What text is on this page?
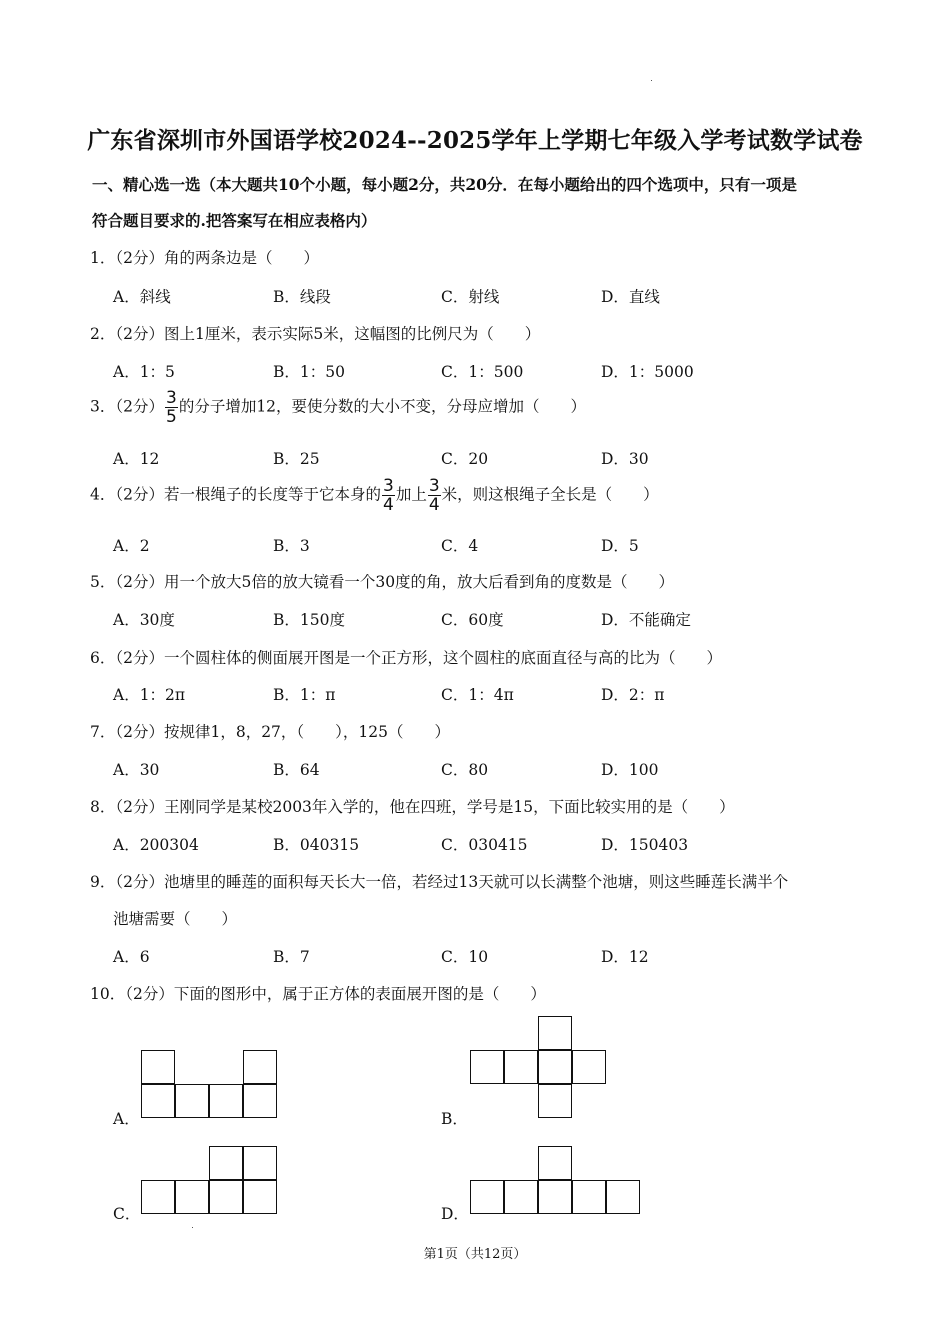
广东省深圳市外国语学校2024--2025学年上学期七年级入学考试数学试卷
一、精心选一选（本大题共10个小题，每小题2分，共20分．在每小题给出的四个选项中，只有一项是
符合题目要求的.把答案写在相应表格内）
1．（2分）角的两条边是（　　）
A．斜线	B．线段	C．射线	D．直线
2．（2分）图上1厘米，表示实际5米，这幅图的比例尺为（　　）
A．1：5	B．1：50	C．1：500	D．1：5000
3．（2分） $\frac{3}{5}$ 的分子增加12，要使分数的大小不变，分母应增加（　　）
A．12	B．25	C．20	D．30
4．（2分）若一根绳子的长度等于它本身的 $\frac{3}{4}$ 加上 $\frac{3}{4}$ 米，则这根绳子全长是（　　）
A．2	B．3	C．4	D．5
5．（2分）用一个放大5倍的放大镜看一个30度的角，放大后看到角的度数是（　　）
A．30度	B．150度	C．60度	D．不能确定
6．（2分）一个圆柱体的侧面展开图是一个正方形，这个圆柱的底面直径与高的比为（　　）
A．1：2π	B．1：π	C．1：4π	D．2：π
7．（2分）按规律1，8，27，（　　），125（　　）
A．30	B．64	C．80	D．100
8．（2分）王刚同学是某校2003年入学的，他在四班，学号是15，下面比较实用的是（　　）
A．200304	B．040315	C．030415	D．150403
9．（2分）池塘里的睡莲的面积每天长大一倍，若经过13天就可以长满整个池塘，则这些睡莲长满半个
池塘需要（　　）
A．6	B．7	C．10	D．12
10．（2分）下面的图形中，属于正方体的表面展开图的是（　　）
A．	B．
C．	D．
第1页（共12页）
